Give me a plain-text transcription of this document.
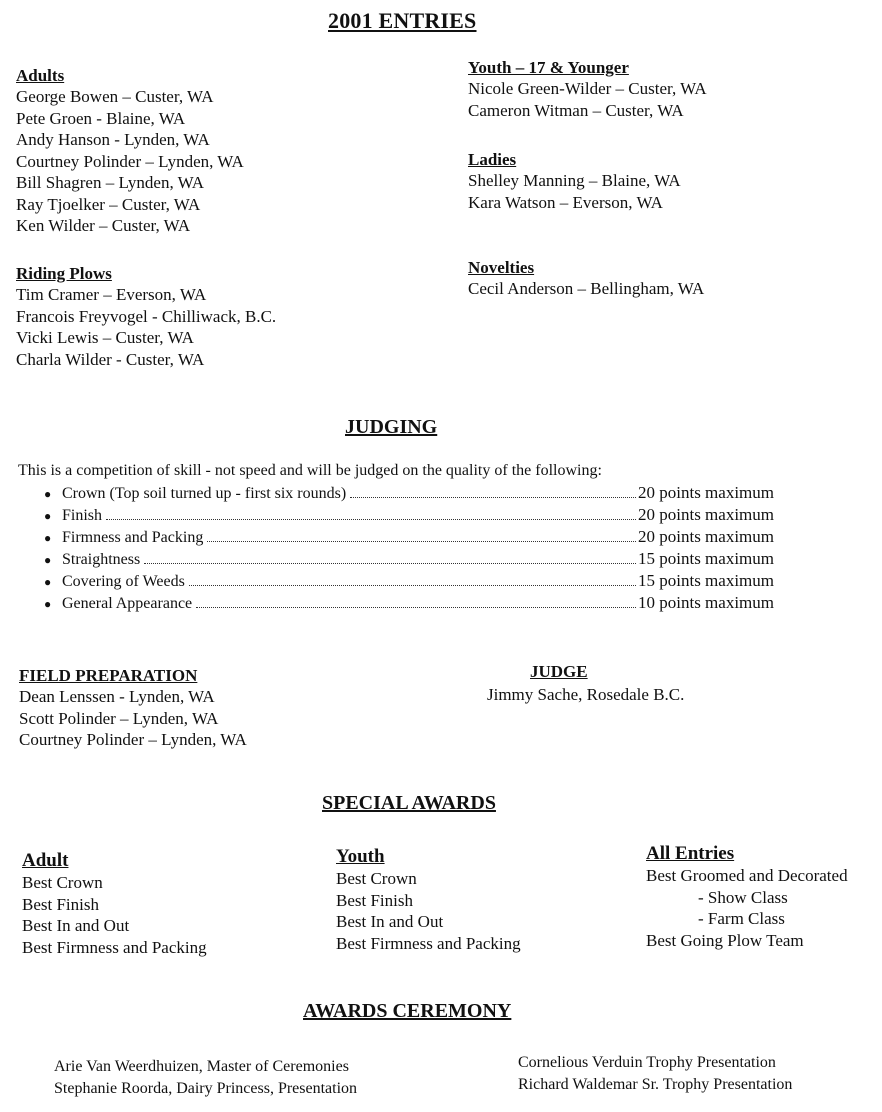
2001 ENTRIES
Adults
George Bowen – Custer, WA
Pete Groen - Blaine, WA
Andy Hanson - Lynden, WA
Courtney Polinder – Lynden, WA
Bill Shagren – Lynden, WA
Ray Tjoelker – Custer, WA
Ken Wilder – Custer, WA
Riding Plows
Tim Cramer – Everson, WA
Francois Freyvogel - Chilliwack, B.C.
Vicki Lewis – Custer, WA
Charla Wilder - Custer, WA
Youth – 17 & Younger
Nicole Green-Wilder – Custer, WA
Cameron Witman – Custer, WA
Ladies
Shelley Manning – Blaine, WA
Kara Watson – Everson, WA
Novelties
Cecil Anderson – Bellingham, WA
JUDGING
This is a competition of skill - not speed and will be judged on the quality of the following:
● Crown (Top soil turned up - first six rounds)	20 points maximum
● Finish	20 points maximum
● Firmness and Packing	20 points maximum
● Straightness	15 points maximum
● Covering of Weeds	15 points maximum
● General Appearance	10 points maximum
FIELD PREPARATION
Dean Lenssen - Lynden, WA
Scott Polinder – Lynden, WA
Courtney Polinder – Lynden, WA
JUDGE
Jimmy Sache, Rosedale B.C.
SPECIAL AWARDS
Adult
Best Crown
Best Finish
Best In and Out
Best Firmness and Packing
Youth
Best Crown
Best Finish
Best In and Out
Best Firmness and Packing
All Entries
Best Groomed and Decorated
- Show Class
- Farm Class
Best Going Plow Team
AWARDS CEREMONY
Arie Van Weerdhuizen, Master of Ceremonies
Stephanie Roorda, Dairy Princess, Presentation
Cornelious Verduin Trophy Presentation
Richard Waldemar Sr. Trophy Presentation
